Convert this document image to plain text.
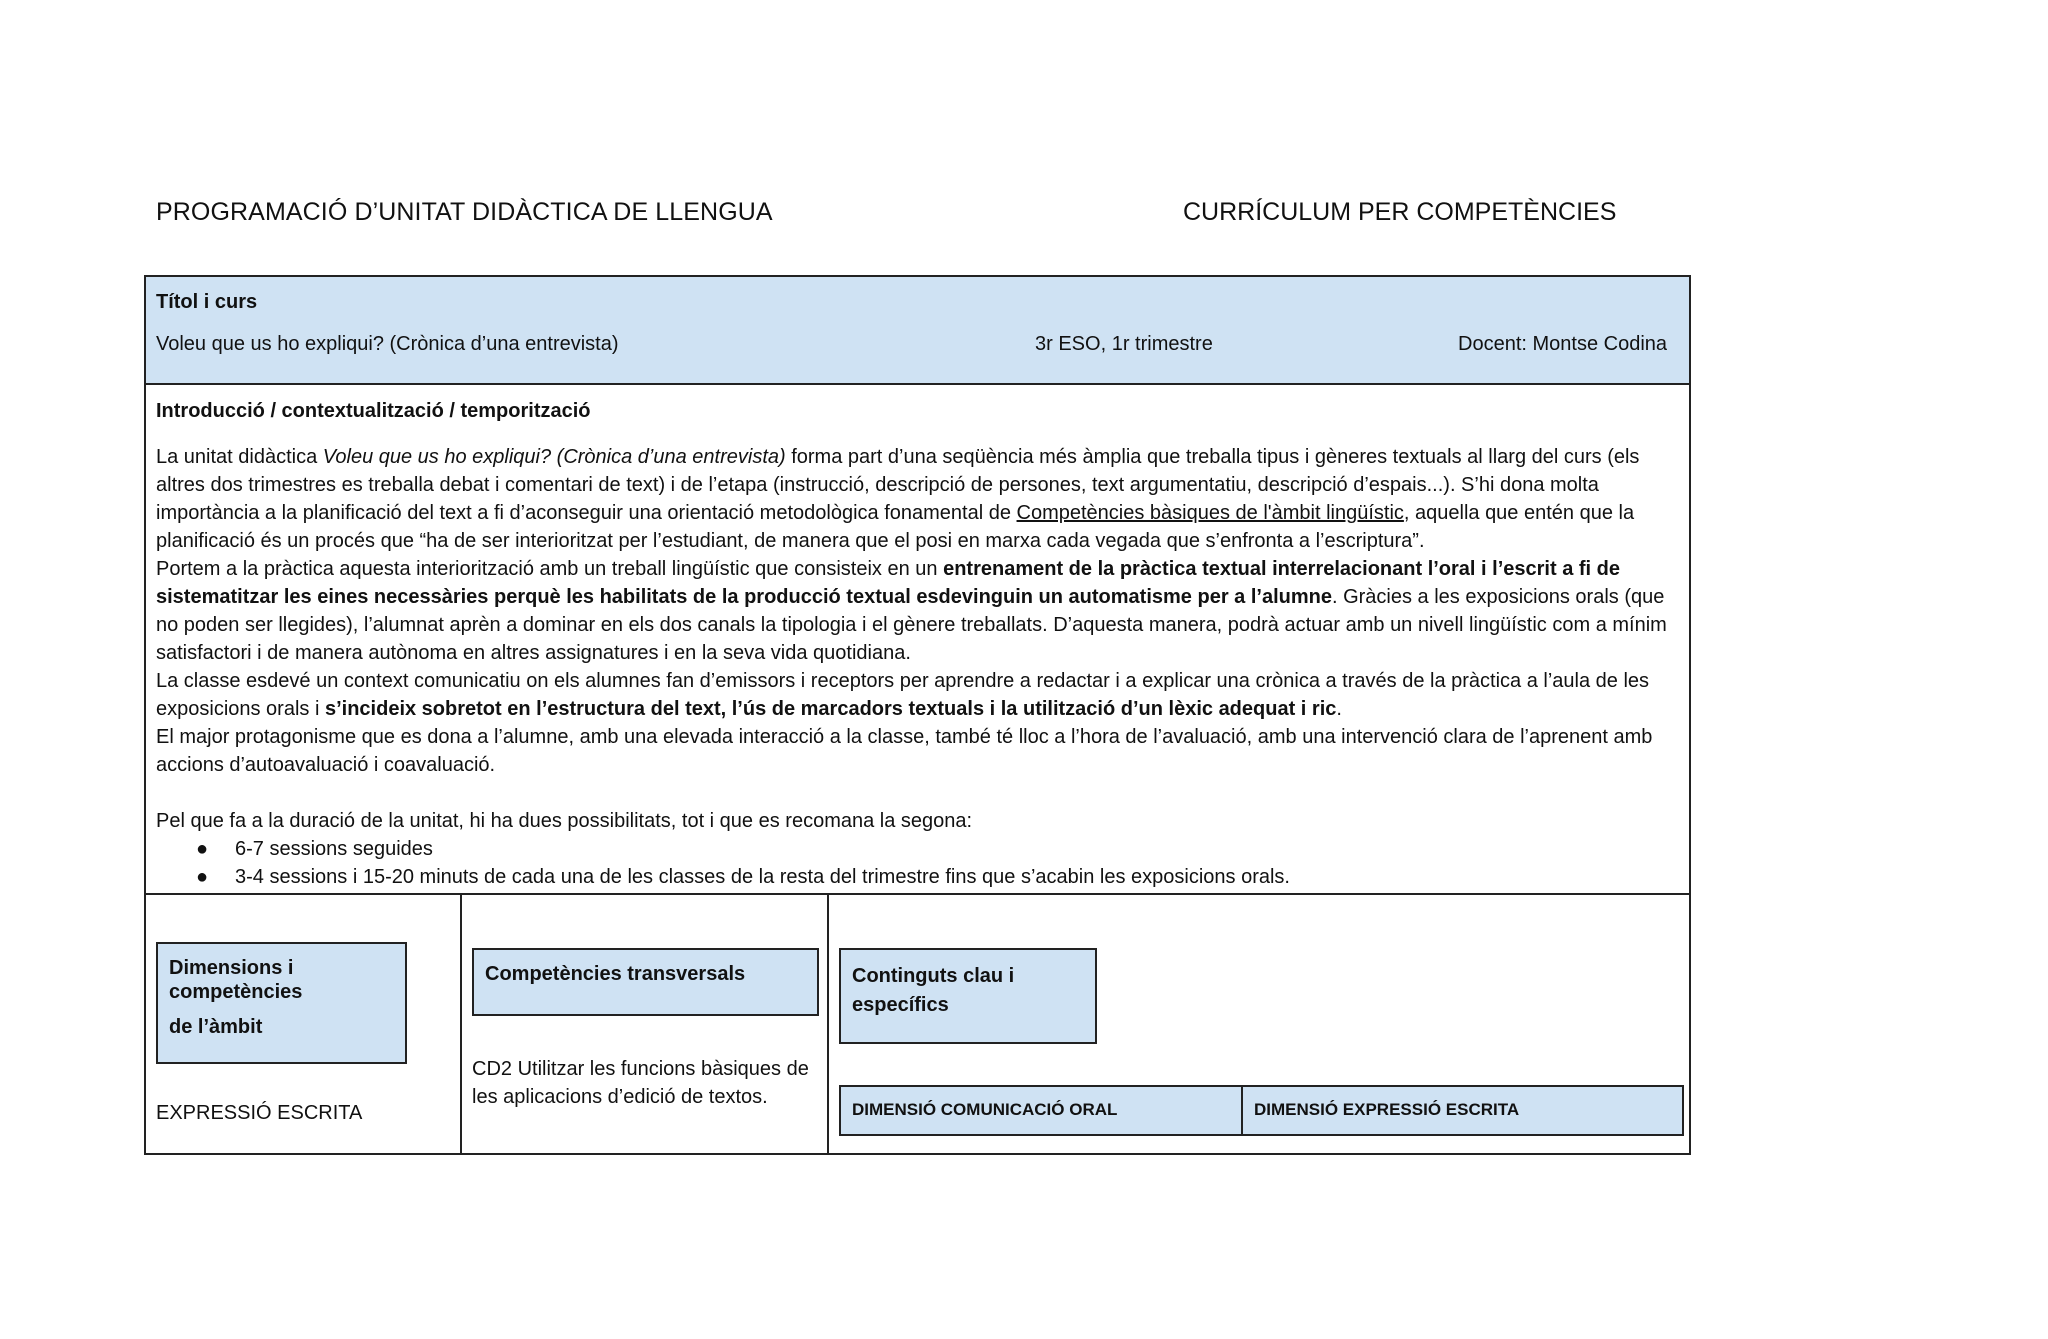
PROGRAMACIÓ D’UNITAT DIDÀCTICA DE LLENGUA	CURRÍCULUM PER COMPETÈNCIES
Títol i curs
Voleu que us ho expliqui? (Crònica d’una entrevista)	3r ESO, 1r trimestre	Docent: Montse Codina

Introducció / contextualització / temporització

La unitat didàctica Voleu que us ho expliqui? (Crònica d’una entrevista) forma part d’una seqüència més àmplia que treballa tipus i gèneres textuals al llarg del curs (els altres dos trimestres es treballa debat i comentari de text) i de l’etapa (instrucció, descripció de persones, text argumentatiu, descripció d’espais...). S’hi dona molta importància a la planificació del text a fi d’aconseguir una orientació metodològica fonamental de Competències bàsiques de l'àmbit lingüístic, aquella que entén que la planificació és un procés que “ha de ser interioritzat per l’estudiant, de manera que el posi en marxa cada vegada que s’enfronta a l’escriptura”.

Portem a la pràctica aquesta interiorització amb un treball lingüístic que consisteix en un entrenament de la pràctica textual interrelacionant l’oral i l’escrit a fi de sistematitzar les eines necessàries perquè les habilitats de la producció textual esdevinguin un automatisme per a l’alumne. Gràcies a les exposicions orals (que no poden ser llegides), l’alumnat aprèn a dominar en els dos canals la tipologia i el gènere treballats. D’aquesta manera, podrà actuar amb un nivell lingüístic com a mínim satisfactori i de manera autònoma en altres assignatures i en la seva vida quotidiana.

La classe esdevé un context comunicatiu on els alumnes fan d’emissors i receptors per aprendre a redactar i a explicar una crònica a través de la pràctica a l’aula de les exposicions orals i s’incideix sobretot en l’estructura del text, l’ús de marcadors textuals i la utilització d’un lèxic adequat i ric.

El major protagonisme que es dona a l’alumne, amb una elevada interacció a la classe, també té lloc a l’hora de l’avaluació, amb una intervenció clara de l’aprenent amb accions d’autoavaluació i coavaluació.

Pel que fa a la duració de la unitat, hi ha dues possibilitats, tot i que es recomana la segona:

● 6-7 sessions seguides
● 3-4 sessions i 15-20 minuts de cada una de les classes de la resta del trimestre fins que s’acabin les exposicions orals.
Dimensions i
competències
de l’àmbit
EXPRESSIÓ ESCRITA
Competències transversals
CD2 Utilitzar les funcions bàsiques de les aplicacions d’edició de textos.
Continguts clau i
específics
DIMENSIÓ COMUNICACIÓ ORAL	DIMENSIÓ EXPRESSIÓ ESCRITA
